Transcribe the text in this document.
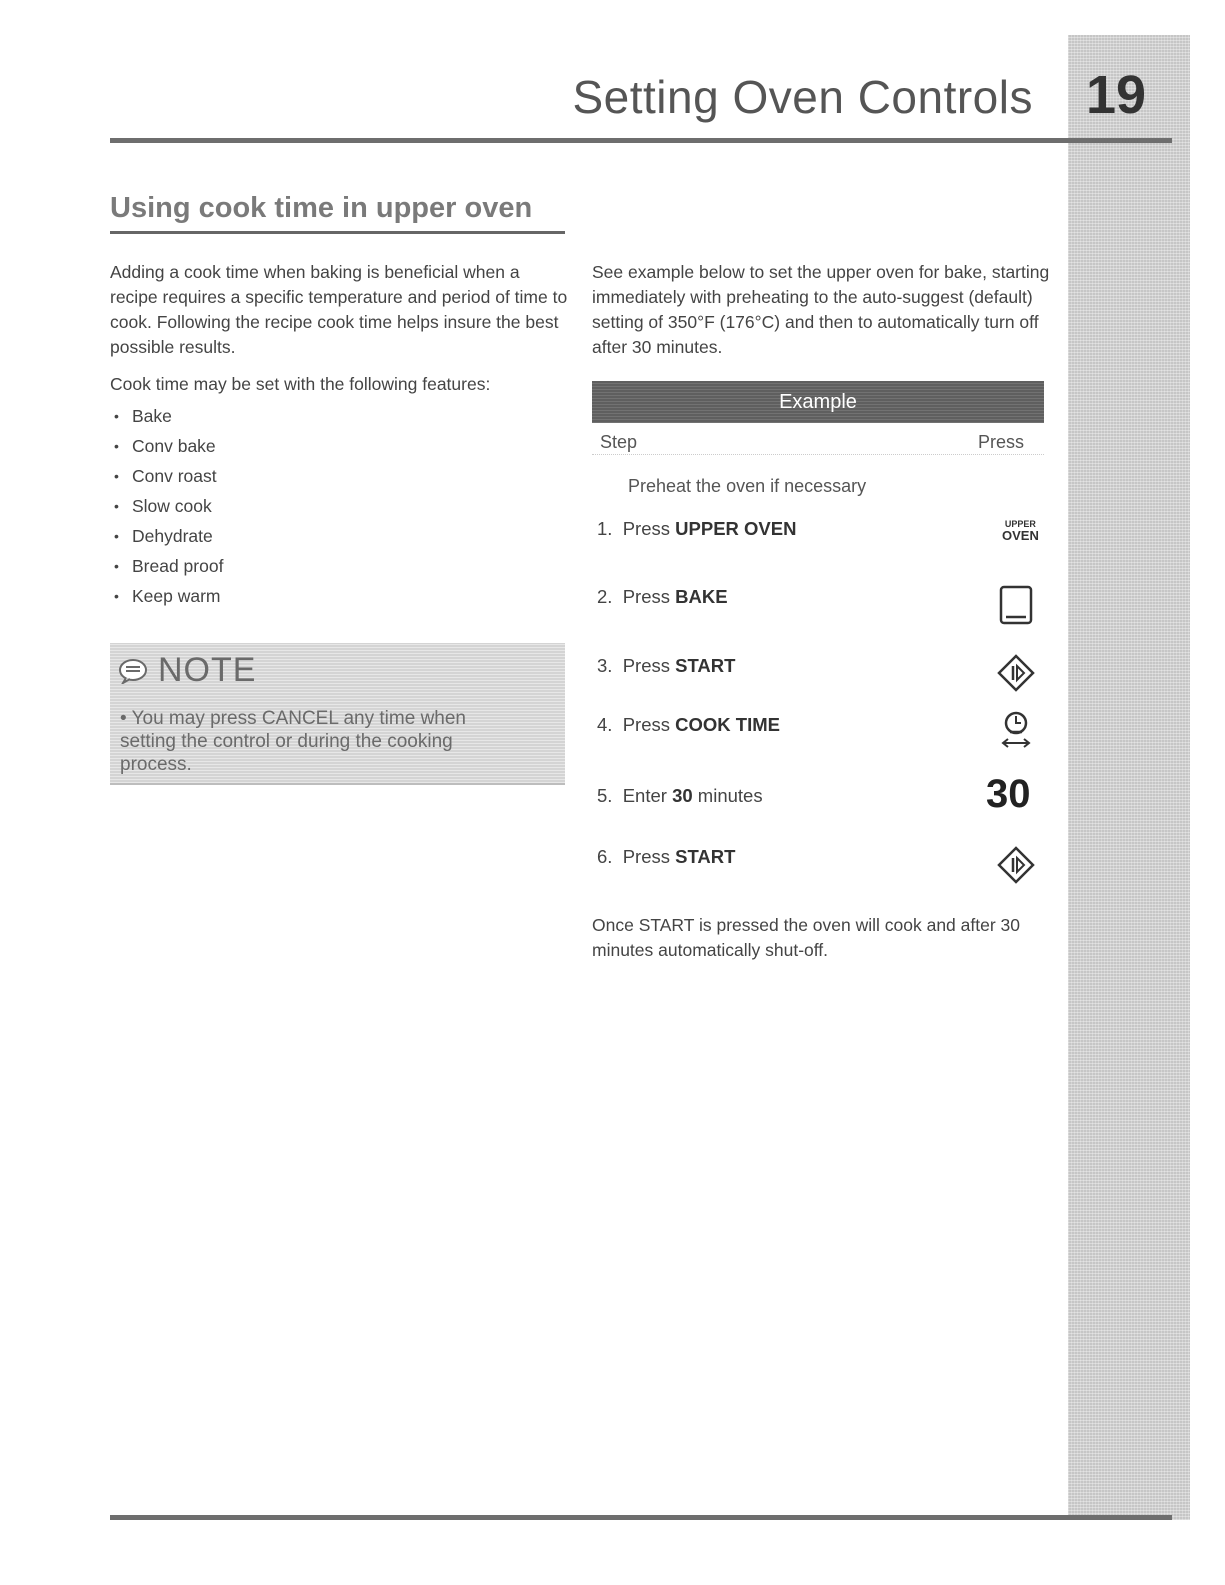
19
Setting Oven Controls
Using cook time in upper oven

Adding a cook time when baking is beneficial when a recipe requires a specific temperature and period of time to cook. Following the recipe cook time helps insure the best possible results.

Cook time may be set with the following features:

• Bake
• Conv bake
• Conv roast
• Slow cook
• Dehydrate
• Bread proof
• Keep warm
NOTE
• You may press CANCEL any time when setting the control or during the cooking process.

See example below to set the upper oven for bake, starting immediately with preheating to the auto-suggest (default) setting of 350°F (176°C) and then to automatically turn off after 30 minutes.

Example
Step	Press
Preheat the oven if necessary
1. Press UPPER OVEN	UPPER
OVEN
2. Press BAKE
3. Press START
4. Press COOK TIME
5. Enter 30 minutes	30
6. Press START
Once START is pressed the oven will cook and after 30 minutes automatically shut-off.
